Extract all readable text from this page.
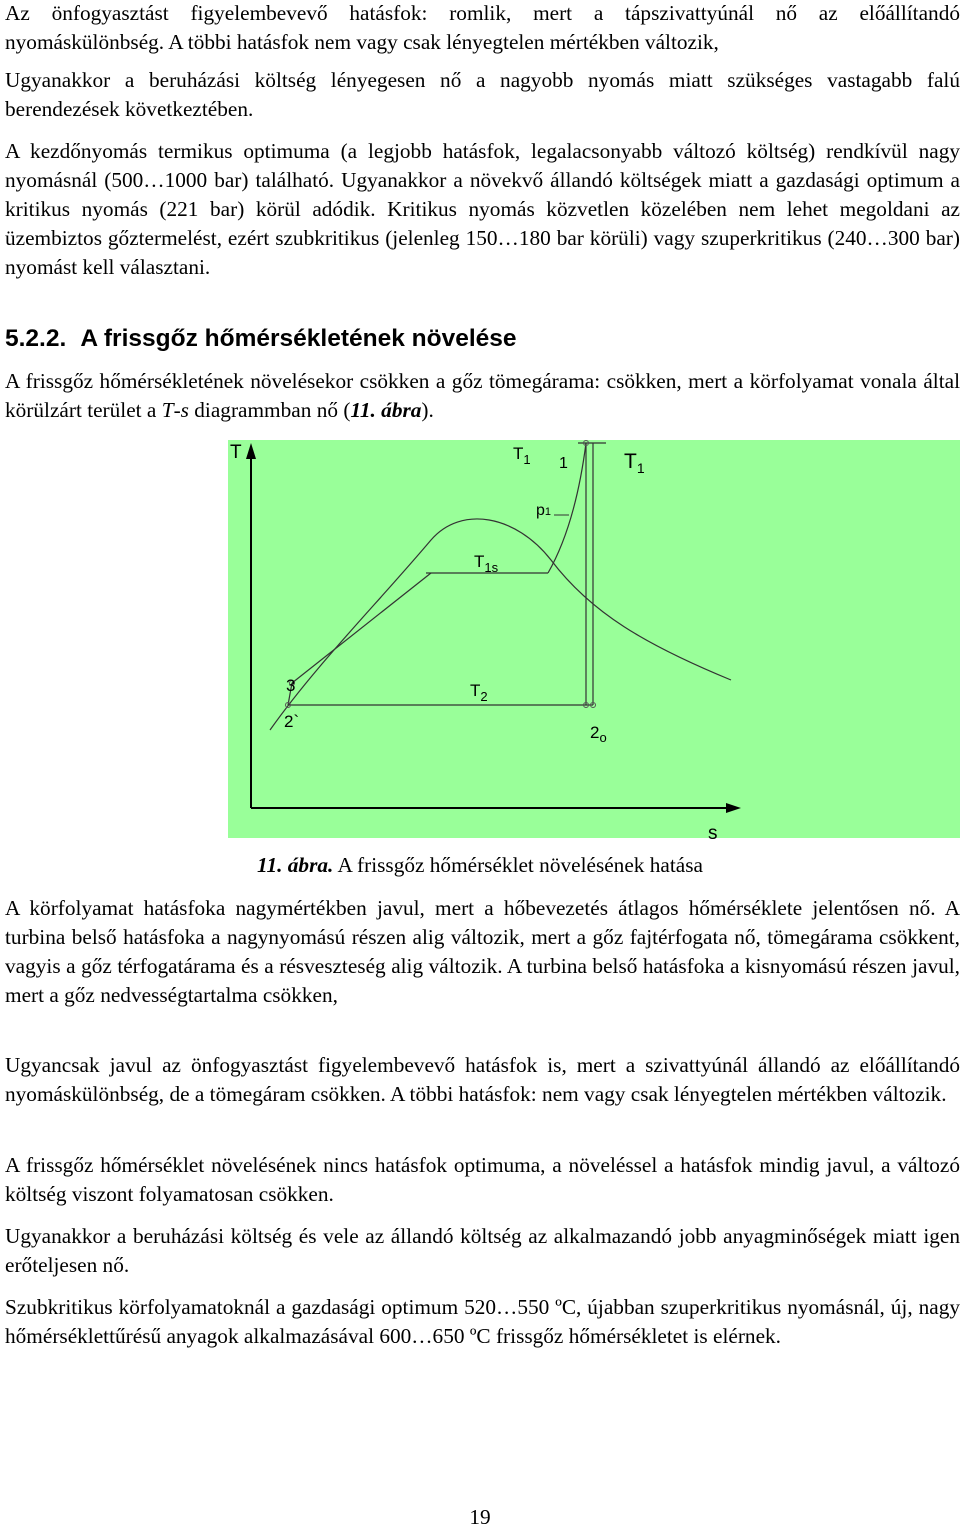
Az önfogyasztást figyelembevevő hatásfok: romlik, mert a tápszivattyúnál nő az előállítandó nyomáskülönbség. A többi hatásfok nem vagy csak lényegtelen mértékben változik,

Ugyanakkor a beruházási költség lényegesen nő a nagyobb nyomás miatt szükséges vastagabb falú berendezések következtében.

A kezdőnyomás termikus optimuma (a legjobb hatásfok, legalacsonyabb változó költség) rendkívül nagy nyomásnál (500…1000 bar) található. Ugyanakkor a növekvő állandó költségek miatt a gazdasági optimum a kritikus nyomás (221 bar) körül adódik. Kritikus nyomás közvetlen közelében nem lehet megoldani az üzembiztos gőztermelést, ezért szubkritikus (jelenleg 150…180 bar körüli) vagy szuperkritikus (240…300 bar) nyomást kell választani.

5.2.2. A frissgőz hőmérsékletének növelése

A frissgőz hőmérsékletének növelésekor csökken a gőz tömegárama: csökken, mert a körfolyamat vonala által körülzárt terület a T-s diagrammban nő (11. ábra).

T
s
$T_1$ 1	$T_1$
p1
$T_{1s}$
3	$T_2$
2`
$2_o$
11. ábra. A frissgőz hőmérséklet növelésének hatása

A körfolyamat hatásfoka nagymértékben javul, mert a hőbevezetés átlagos hőmérséklete jelentősen nő. A turbina belső hatásfoka a nagynyomású részen alig változik, mert a gőz fajtérfogata nő, tömegárama csökkent, vagyis a gőz térfogatárama és a résveszteség alig változik. A turbina belső hatásfoka a kisnyomású részen javul, mert a gőz nedvességtartalma csökken,

Ugyancsak javul az önfogyasztást figyelembevevő hatásfok is, mert a szivattyúnál állandó az előállítandó nyomáskülönbség, de a tömegáram csökken. A többi hatásfok: nem vagy csak lényegtelen mértékben változik.

A frissgőz hőmérséklet növelésének nincs hatásfok optimuma, a növeléssel a hatásfok mindig javul, a változó költség viszont folyamatosan csökken.

Ugyanakkor a beruházási költség és vele az állandó költség az alkalmazandó jobb anyagminőségek miatt igen erőteljesen nő.

Szubkritikus körfolyamatoknál a gazdasági optimum 520…550 ºC, újabban szuperkritikus nyomásnál, új, nagy hőmérséklettűrésű anyagok alkalmazásával 600…650 ºC frissgőz hőmérsékletet is elérnek.

19
